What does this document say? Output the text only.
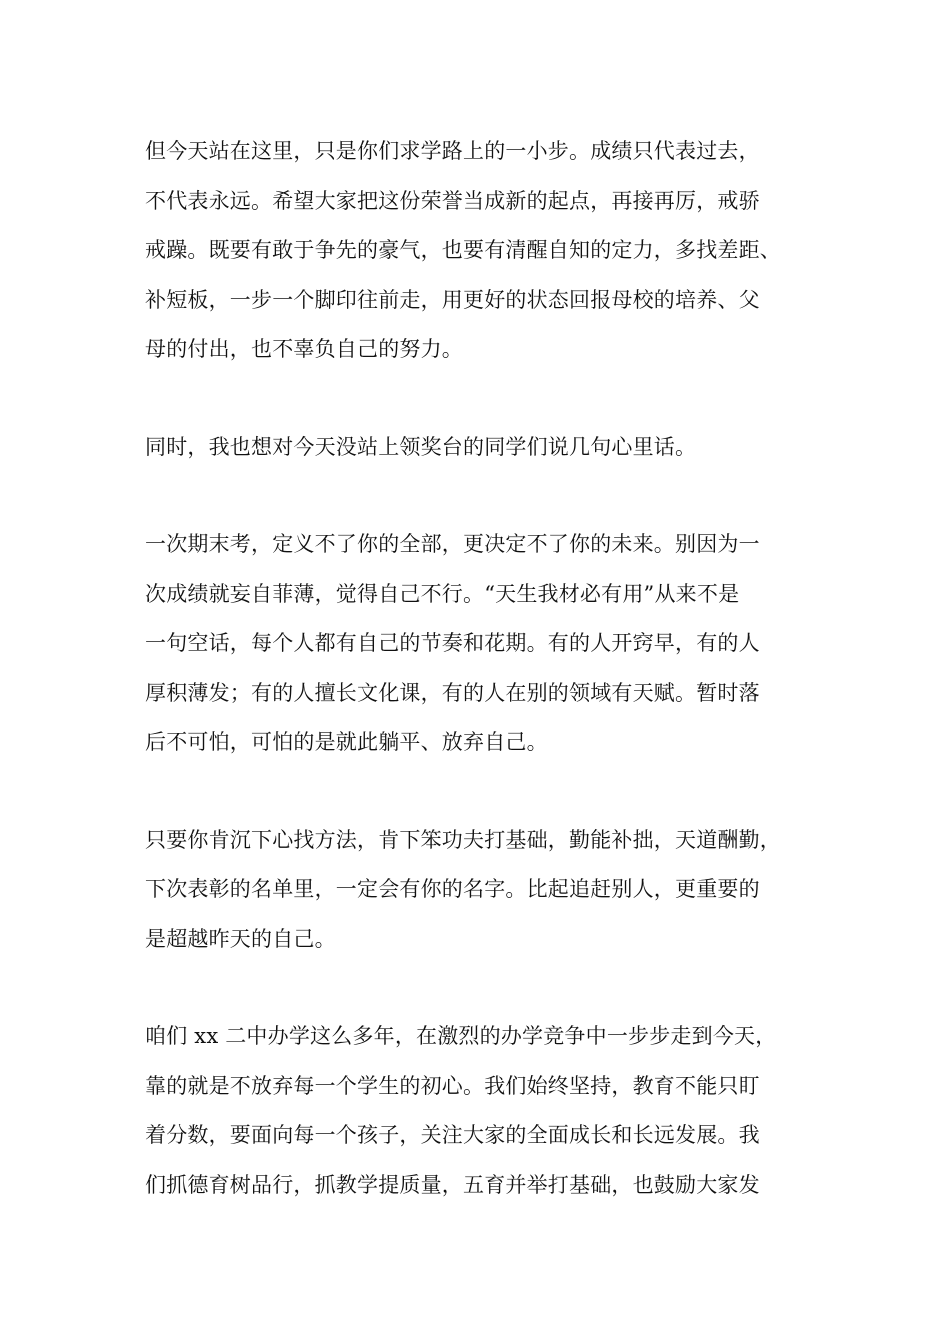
但今天站在这里，只是你们求学路上的一小步。成绩只代表过去，
不代表永远。希望大家把这份荣誉当成新的起点，再接再厉，戒骄
戒躁。既要有敢于争先的豪气，也要有清醒自知的定力，多找差距、
补短板，一步一个脚印往前走，用更好的状态回报母校的培养、父
母的付出，也不辜负自己的努力。
同时，我也想对今天没站上领奖台的同学们说几句心里话。
一次期末考，定义不了你的全部，更决定不了你的未来。别因为一
次成绩就妄自菲薄，觉得自己不行。“天生我材必有用”从来不是
一句空话，每个人都有自己的节奏和花期。有的人开窍早，有的人
厚积薄发；有的人擅长文化课，有的人在别的领域有天赋。暂时落
后不可怕，可怕的是就此躺平、放弃自己。
只要你肯沉下心找方法，肯下笨功夫打基础，勤能补拙，天道酬勤，
下次表彰的名单里，一定会有你的名字。比起追赶别人，更重要的
是超越昨天的自己。
咱们 xx 二中办学这么多年，在激烈的办学竞争中一步步走到今天，
靠的就是不放弃每一个学生的初心。我们始终坚持，教育不能只盯
着分数，要面向每一个孩子，关注大家的全面成长和长远发展。我
们抓德育树品行，抓教学提质量，五育并举打基础，也鼓励大家发
